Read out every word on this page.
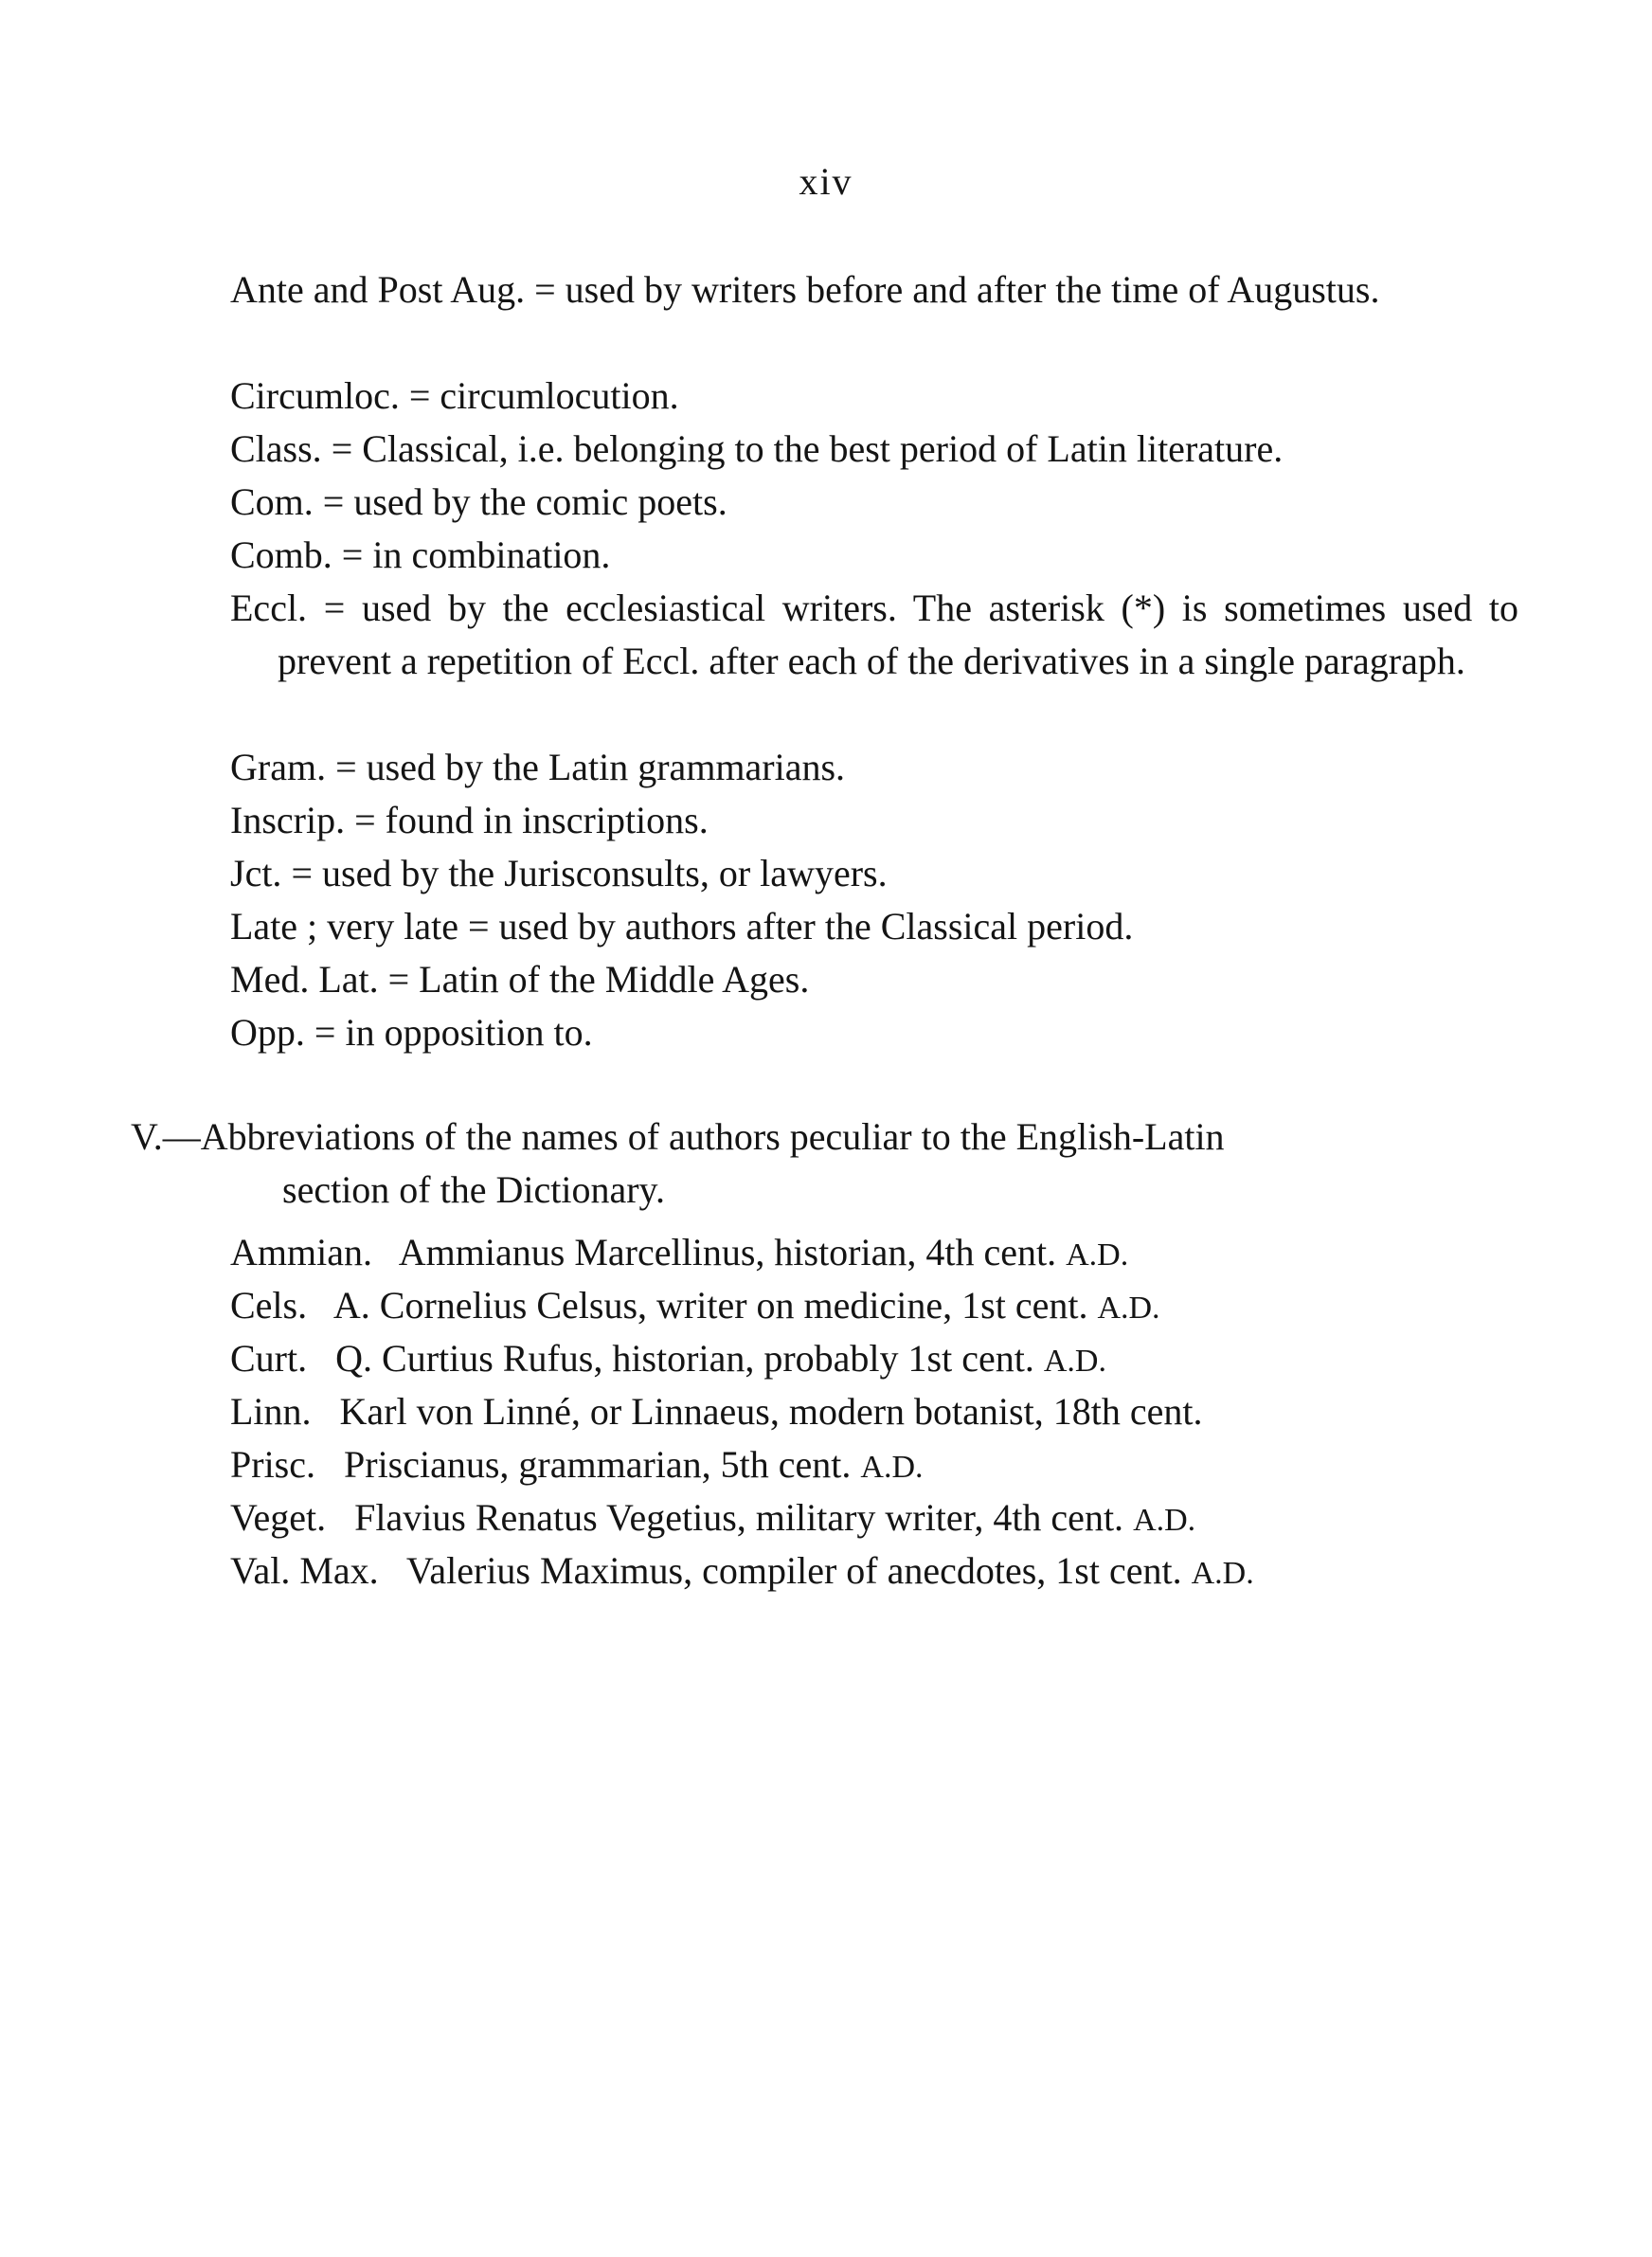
xiv
Ante and Post Aug. = used by writers before and after the time of Augustus.
Circumloc. = circumlocution.
Class. = Classical, i.e. belonging to the best period of Latin literature.
Com. = used by the comic poets.
Comb. = in combination.
Eccl. = used by the ecclesiastical writers. The asterisk (*) is sometimes used to prevent a repetition of Eccl. after each of the derivatives in a single paragraph.
Gram. = used by the Latin grammarians.
Inscrip. = found in inscriptions.
Jct. = used by the Jurisconsults, or lawyers.
Late ; very late = used by authors after the Classical period.
Med. Lat. = Latin of the Middle Ages.
Opp. = in opposition to.
V.—Abbreviations of the names of authors peculiar to the English-Latin
section of the Dictionary.
Ammian. Ammianus Marcellinus, historian, 4th cent. A.D.
Cels. A. Cornelius Celsus, writer on medicine, 1st cent. A.D.
Curt. Q. Curtius Rufus, historian, probably 1st cent. A.D.
Linn. Karl von Linné, or Linnaeus, modern botanist, 18th cent.
Prisc. Priscianus, grammarian, 5th cent. A.D.
Veget. Flavius Renatus Vegetius, military writer, 4th cent. A.D.
Val. Max. Valerius Maximus, compiler of anecdotes, 1st cent. A.D.
